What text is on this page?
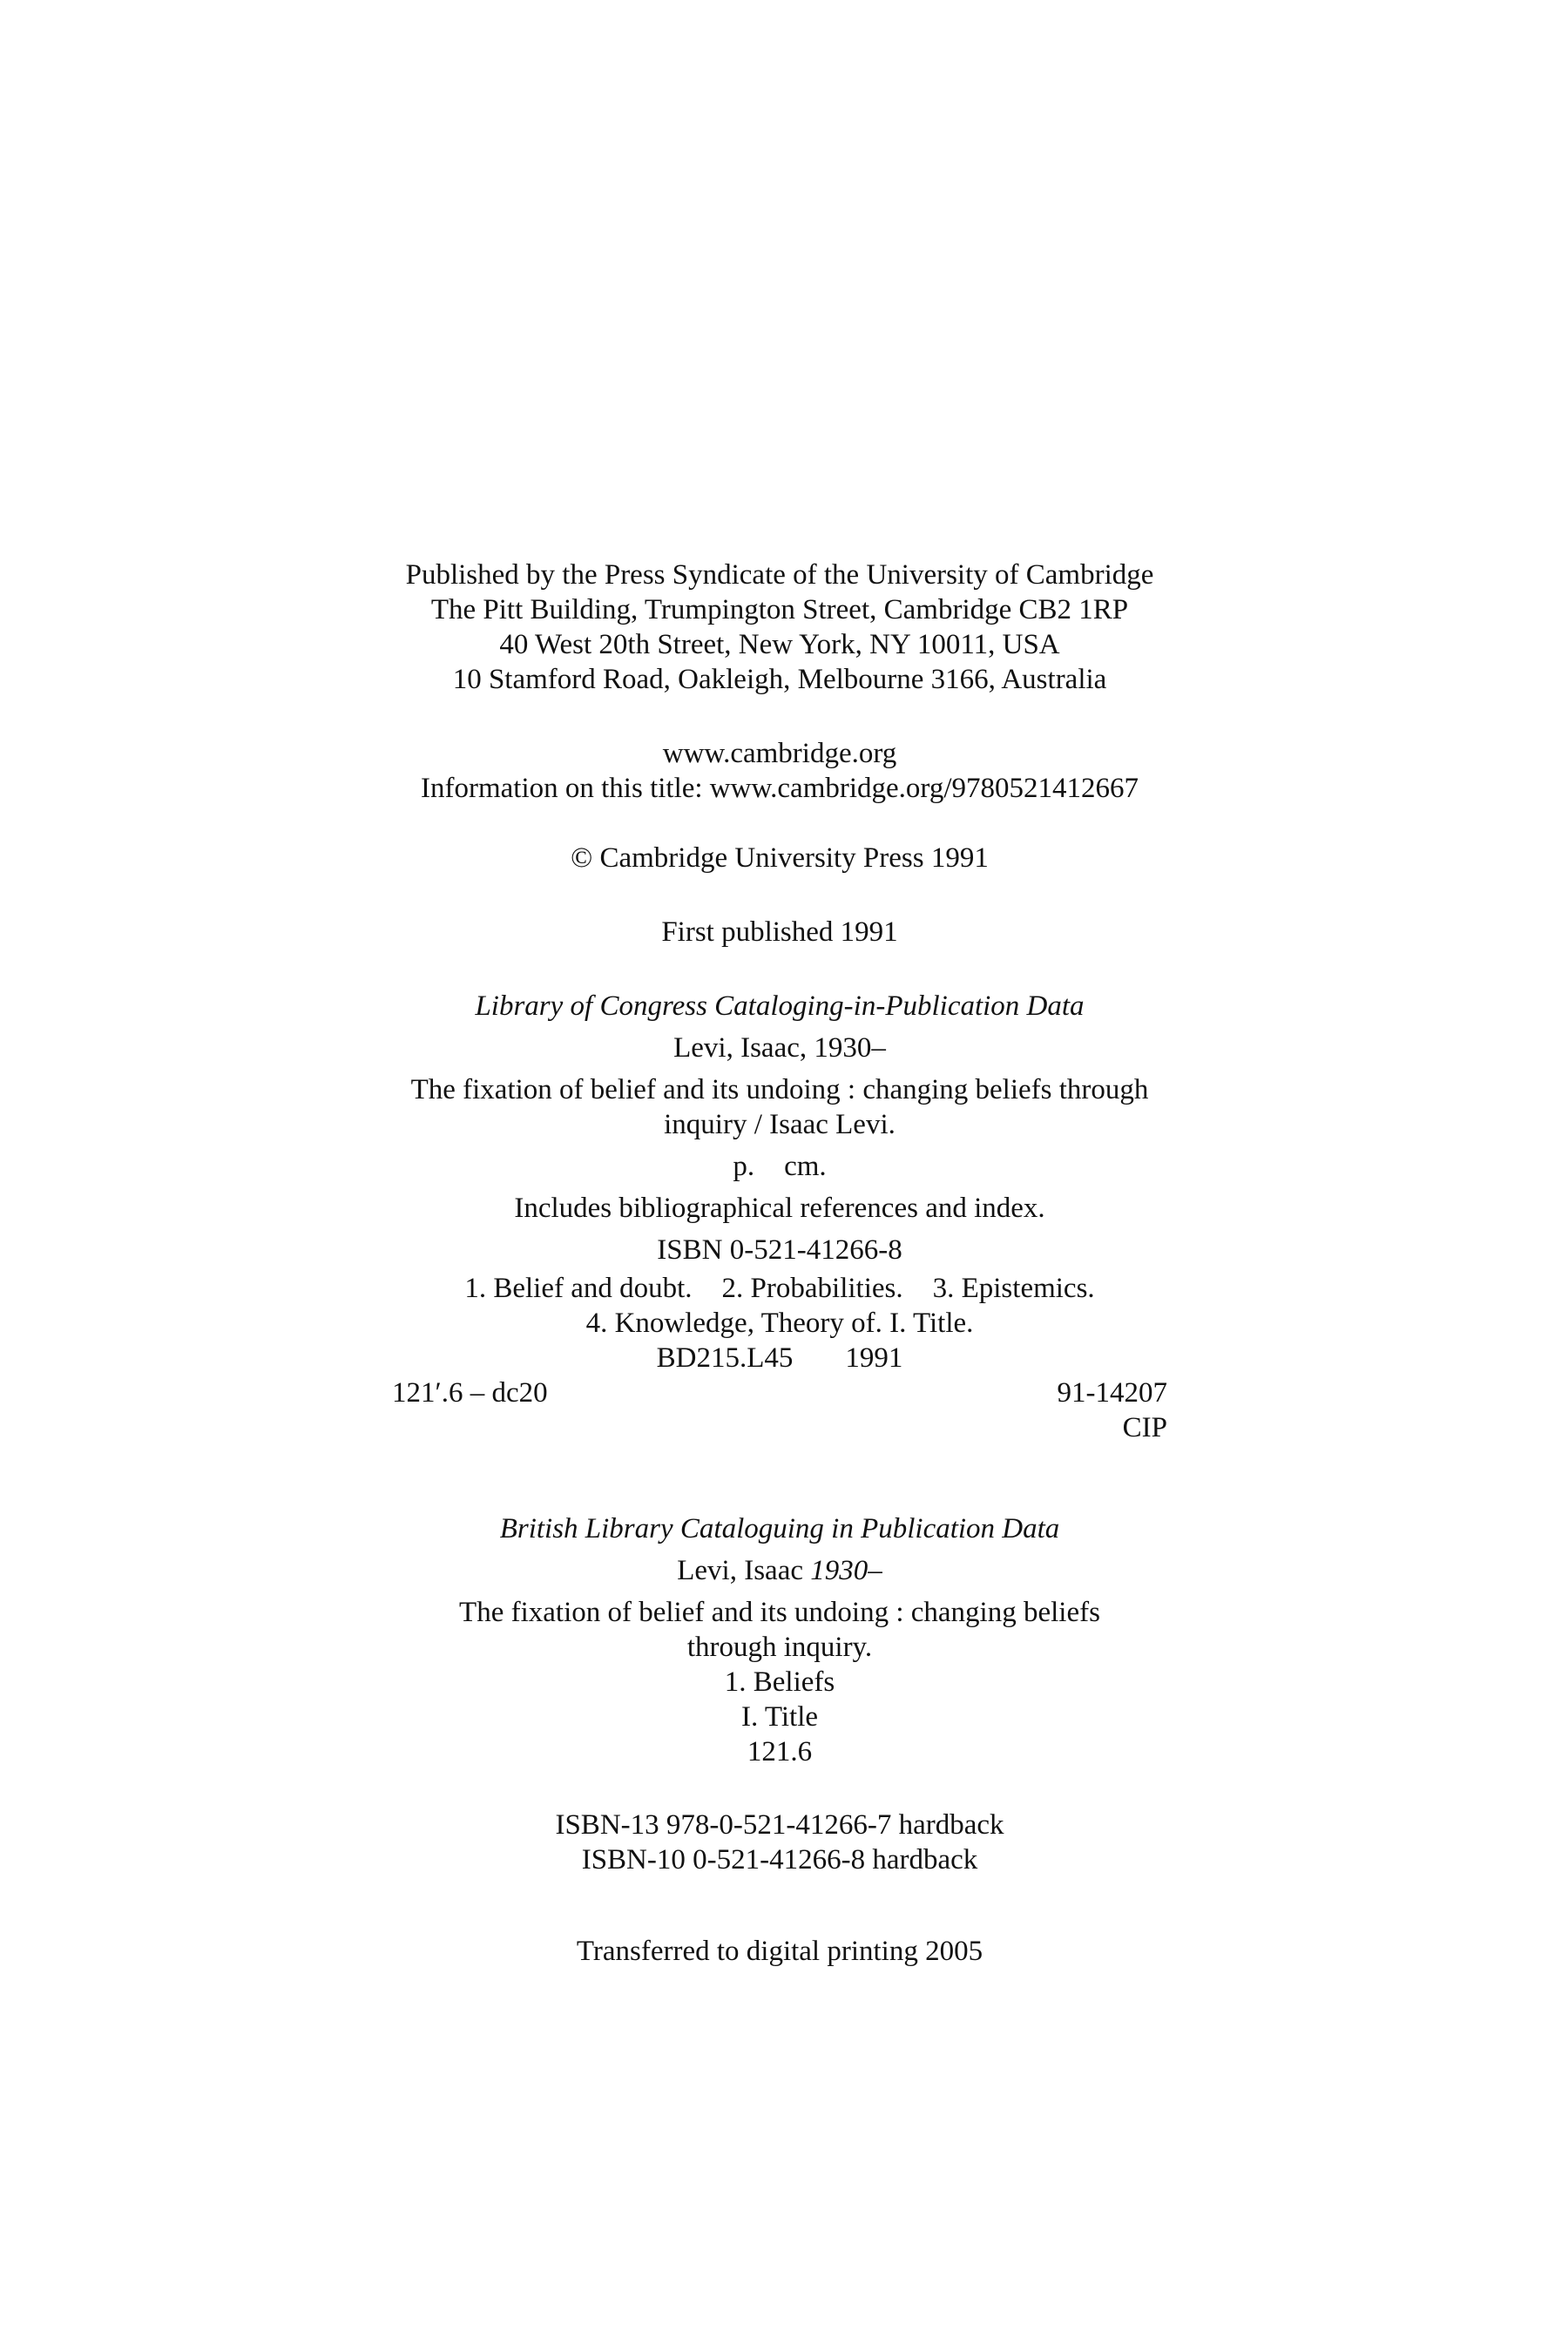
Published by the Press Syndicate of the University of Cambridge
The Pitt Building, Trumpington Street, Cambridge CB2 1RP
40 West 20th Street, New York, NY 10011, USA
10 Stamford Road, Oakleigh, Melbourne 3166, Australia
www.cambridge.org
Information on this title: www.cambridge.org/9780521412667
© Cambridge University Press 1991
First published 1991
Library of Congress Cataloging-in-Publication Data
Levi, Isaac, 1930–
The fixation of belief and its undoing : changing beliefs through
inquiry / Isaac Levi.
p. cm.
Includes bibliographical references and index.
ISBN 0-521-41266-8
1. Belief and doubt. 2. Probabilities. 3. Epistemics.
4. Knowledge, Theory of. I. Title.
BD215.L45 1991
121′.6 – dc20	91-14207
CIP
British Library Cataloguing in Publication Data
Levi, Isaac 1930–
The fixation of belief and its undoing : changing beliefs
through inquiry.
1. Beliefs
I. Title
121.6
ISBN-13 978-0-521-41266-7 hardback
ISBN-10 0-521-41266-8 hardback
Transferred to digital printing 2005
